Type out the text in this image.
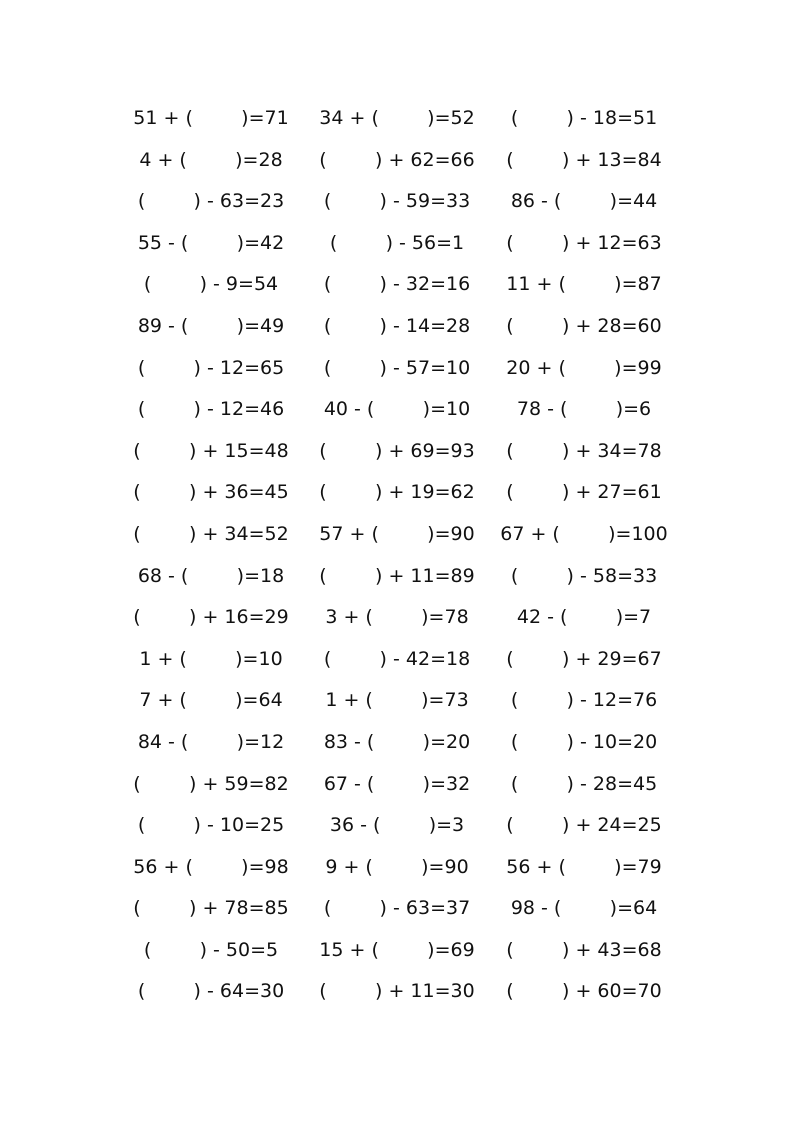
51 + (        )=71	34 + (        )=52	(        ) - 18=51
4 + (        )=28	(        ) + 62=66	(        ) + 13=84
(        ) - 63=23	(        ) - 59=33	86 - (        )=44
55 - (        )=42	(        ) - 56=1	(        ) + 12=63
(        ) - 9=54	(        ) - 32=16	11 + (        )=87
89 - (        )=49	(        ) - 14=28	(        ) + 28=60
(        ) - 12=65	(        ) - 57=10	20 + (        )=99
(        ) - 12=46	40 - (        )=10	78 - (        )=6
(        ) + 15=48	(        ) + 69=93	(        ) + 34=78
(        ) + 36=45	(        ) + 19=62	(        ) + 27=61
(        ) + 34=52	57 + (        )=90	67 + (        )=100
68 - (        )=18	(        ) + 11=89	(        ) - 58=33
(        ) + 16=29	3 + (        )=78	42 - (        )=7
1 + (        )=10	(        ) - 42=18	(        ) + 29=67
7 + (        )=64	1 + (        )=73	(        ) - 12=76
84 - (        )=12	83 - (        )=20	(        ) - 10=20
(        ) + 59=82	67 - (        )=32	(        ) - 28=45
(        ) - 10=25	36 - (        )=3	(        ) + 24=25
56 + (        )=98	9 + (        )=90	56 + (        )=79
(        ) + 78=85	(        ) - 63=37	98 - (        )=64
(        ) - 50=5	15 + (        )=69	(        ) + 43=68
(        ) - 64=30	(        ) + 11=30	(        ) + 60=70
